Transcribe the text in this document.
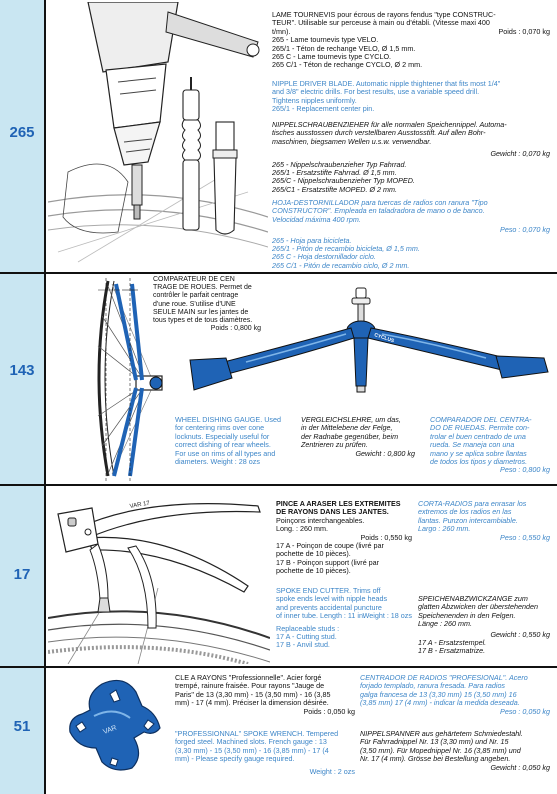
265
143
17
51
LAME TOURNEVIS pour écrous de rayons fendus "type CONSTRUC-
TEUR". Utilisable sur perceuse à main ou d'établi. (Vitesse maxi 400
t/mn).	Poids : 0,070 kg
265 - Lame tournevis type VELO.
265/1 - Téton de rechange VELO, Ø 1,5 mm.
265 C - Lame tournevis type CYCLO.
265 C/1 - Téton de rechange CYCLO, Ø 2 mm.
NIPPLE DRIVER BLADE. Automatic nipple thightener that fits most 1/4"
and 3/8" electric drills. For best results, use a variable speed drill.
Tightens nipples uniformly.
265/1 - Replacement center pin.
NIPPELSCHRAUBENZIEHER für alle normalen Speichennippel. Automa-
tisches ausstossen durch verstellbaren Ausstosstift. Auf allen Bohr-
maschinen, biegsamen Wellen u.s.w. verwendbar.
Gewicht : 0,070 kg
265 - Nippelschraubenzieher Typ Fahrrad.
265/1 - Ersatzstifte Fahrrad. Ø 1,5 mm.
265/C - Nippelschraubenzieher Typ MOPED.
265/C1 - Ersatzstifte MOPED. Ø 2 mm.
HOJA-DESTORNILLADOR para tuercas de radios con ranura "Tipo
CONSTRUCTOR". Empleada en taladradora de mano o de banco.
Velocidad máxima 400 rpm.
Peso : 0,070 kg
265 - Hoja para bicicleta.
265/1 - Pitón de recambio bicicleta, Ø 1,5 mm.
265 C - Hoja destornillador ciclo.
265 C/1 - Pitón de recambio ciclo, Ø 2 mm.
COMPARATEUR DE CEN
TRAGE DE ROUES. Permet de
contrôler le parfait centrage
d'une roue. S'utilise d'UNE
SEULE MAIN sur les jantes de
tous types et de tous diamètres.
Poids : 0,800 kg
CYCLUS
WHEEL DISHING GAUGE. Used
for centering rims over cone
locknuts. Especially useful for
correct dishing of rear wheels.
For use on rims of all types and
diameters. Weight : 28 ozs
VERGLEICHSLEHRE, um das,
in der Mittelebene der Felge,
der Radnabe gegenüber, beim
Zentrieren zu prüfen.
Gewicht : 0,800 kg
COMPARADOR DEL CENTRA-
DO DE RUEDAS. Permite con-
trolar el buen centrado de una
rueda. Se maneja con una
mano y se aplica sobre llantas
de todos los tipos y diametros.
Peso : 0,800 kg
VAR 17	PINCE A ARASER LES EXTREMITES
DE RAYONS DANS LES JANTES.
Poinçons interchangeables.
Long. : 260 mm.
Poids : 0,550 kg
17 A - Poinçon de coupe (livré par
pochette de 10 pièces).
17 B - Poinçon support (livré par
pochette de 10 pièces).
CORTA-RADIOS para enrasar los
extremos de los radios en las
llantas. Punzon intercambiable.
Largo : 260 mm.
Peso : 0,550 kg
SPOKE END CUTTER. Trims off
spoke ends level with nipple heads
and prevents accidental puncture
of inner tube. Length : 11 in.
Weight : 18 ozs
Replaceable studs :
17 A - Cutting stud.
17 B - Anvil stud.
SPEICHENABZWICKZANGE zum
glatten Abzwicken der überstehenden
Speichenenden in den Felgen.
Länge : 260 mm.
Gewicht : 0,550 kg
17 A - Ersatzstempel.
17 B - Ersatzmatrize.
VAR
CLE A RAYONS "Professionnelle". Acier forgé
trempé, rainure fraisée. Pour rayons "Jauge de
Paris" de 13 (3,30 mm) - 15 (3,50 mm) - 16 (3,85
mm) - 17 (4 mm). Préciser la dimension désirée.
Poids : 0,050 kg
CENTRADOR DE RADIOS "PROFESIONAL". Acero
forjado templado, ranura fresada. Para radios
galga francesa de 13 (3,30 mm) 15 (3,50 mm) 16
(3,85 mm) 17 (4 mm) - indicar la medida deseada.
Peso : 0,050 kg
"PROFESSIONNAL" SPOKE WRENCH. Tempered
forged steel. Machined slots. French gauge : 13
(3,30 mm) - 15 (3,50 mm) - 16 (3,85 mm) - 17 (4
mm) - Please specify gauge required.
Weight : 2 ozs
NIPPELSPANNER aus gehärtetem Schmiedestahl.
Für Fahrradnippel Nr. 13 (3,30 mm) und Nr. 15
(3,50 mm). Für Mopednippel Nr. 16 (3,85 mm) und
Nr. 17 (4 mm). Grösse bei Bestellung angeben.
Gewicht : 0,050 kg
